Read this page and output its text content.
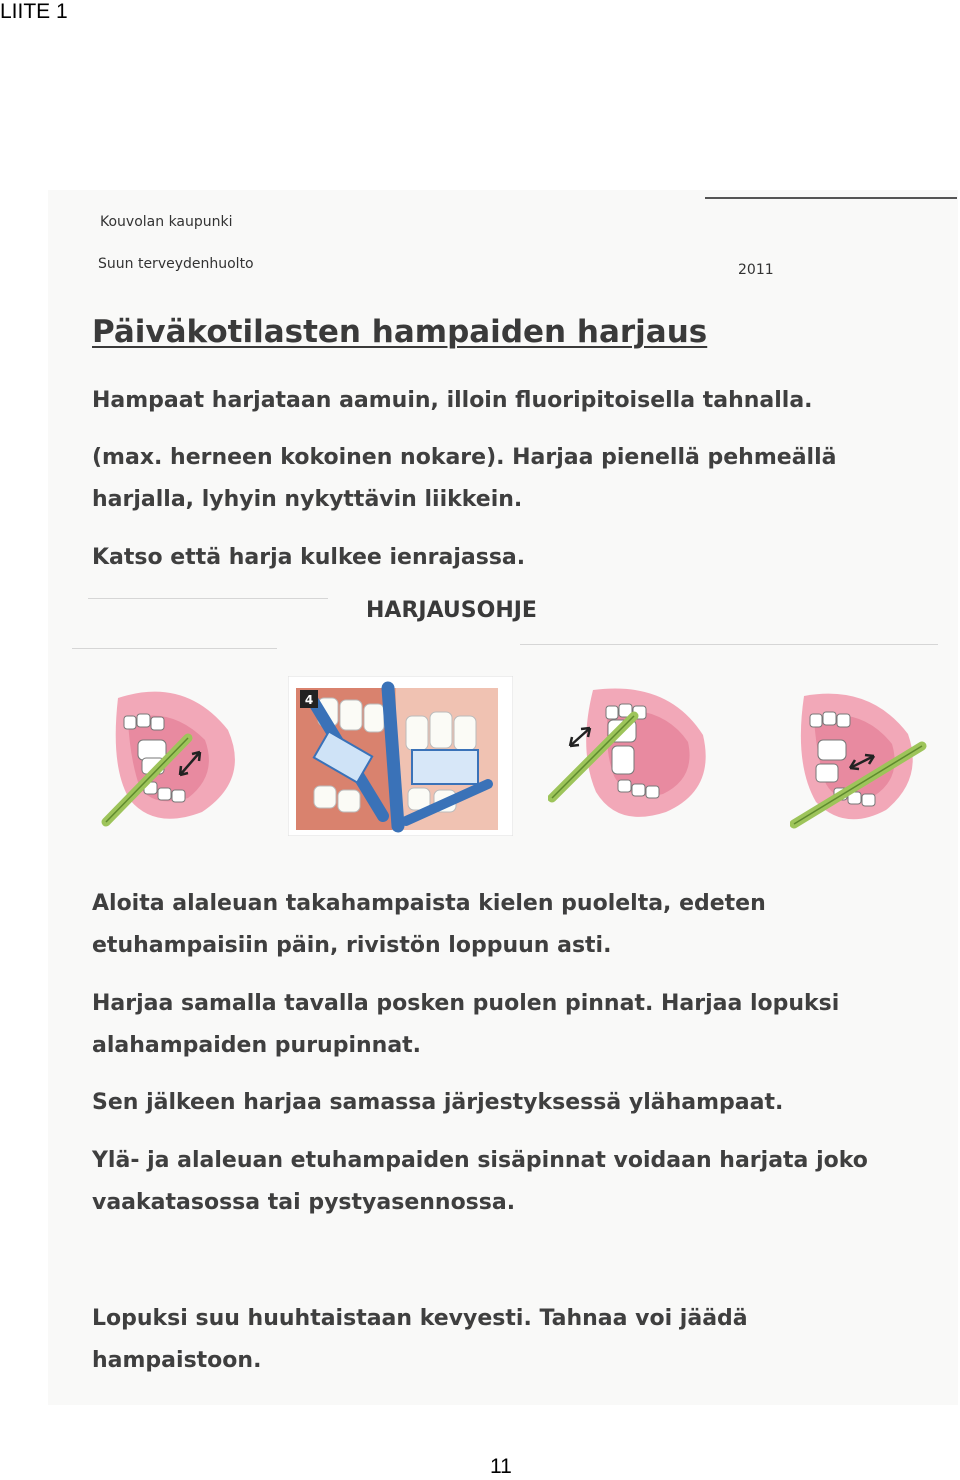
LIITE 1
Kouvolan kaupunki
Suun terveydenhuolto	2011
Päiväkotilasten hampaiden harjaus
Hampaat harjataan aamuin, illoin fluoripitoisella tahnalla.
(max. herneen kokoinen nokare). Harjaa pienellä pehmeällä
harjalla, lyhyin nykyttävin liikkein.
Katso että harja kulkee ienrajassa.
HARJAUSOHJE
4
Aloita alaleuan takahampaista kielen puolelta, edeten
etuhampaisiin päin, rivistön loppuun asti.
Harjaa samalla tavalla posken puolen pinnat. Harjaa lopuksi
alahampaiden purupinnat.
Sen jälkeen harjaa samassa järjestyksessä ylähampaat.
Ylä- ja alaleuan etuhampaiden sisäpinnat voidaan harjata joko
vaakatasossa tai pystyasennossa.
Lopuksi suu huuhtaistaan kevyesti. Tahnaa voi jäädä
hampaistoon.
11
